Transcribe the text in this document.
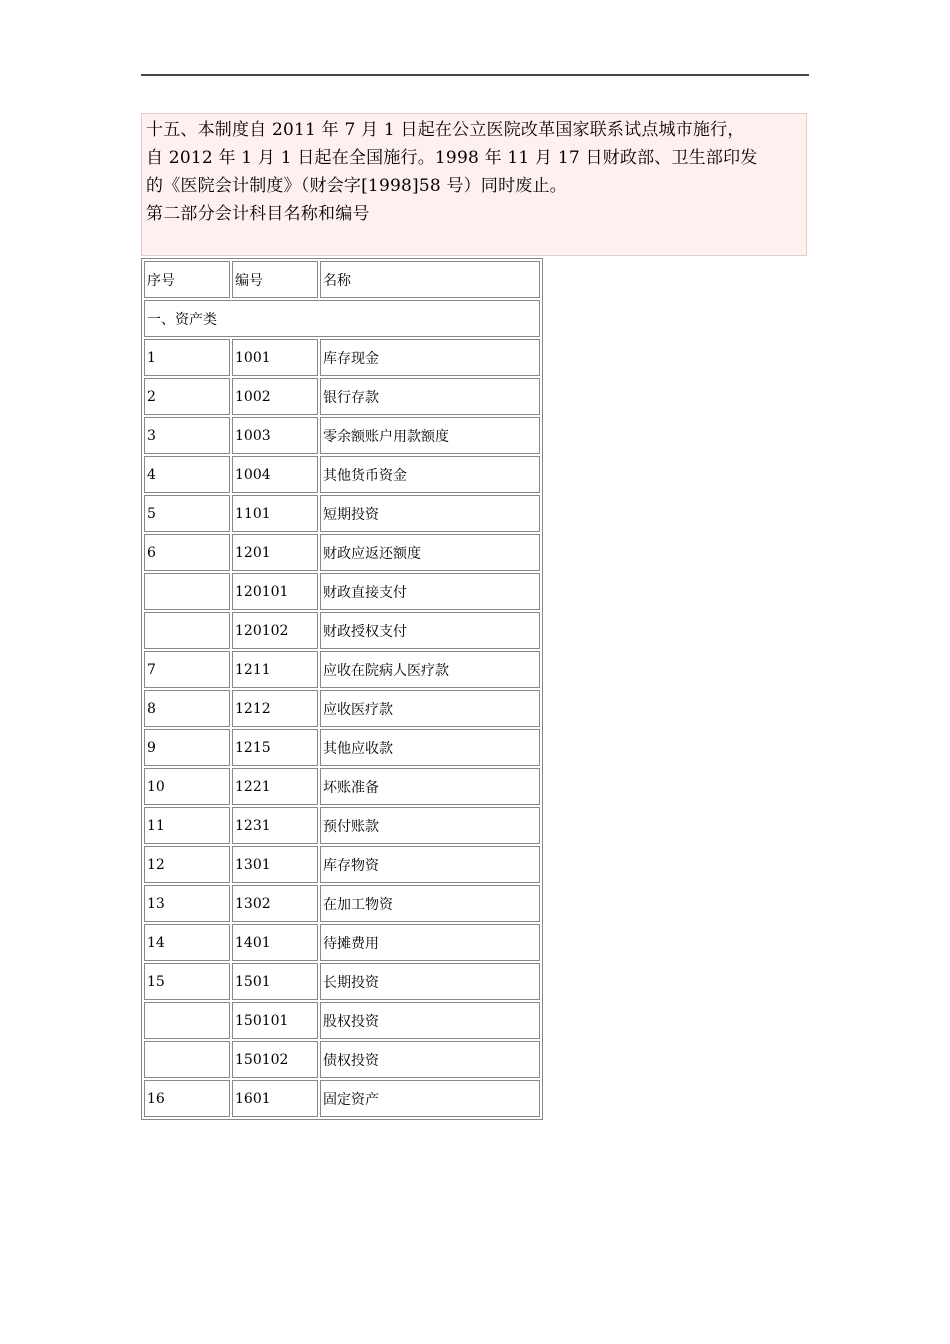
十五、本制度自 2011 年 7 月 1 日起在公立医院改革国家联系试点城市施行，

自 2012 年 1 月 1 日起在全国施行。1998 年 11 月 17 日财政部、卫生部印发

的《医院会计制度》（财会字[1998]58 号）同时废止。

第二部分会计科目名称和编号

序号	编号	名称
一、资产类		
1	1001	库存现金
2	1002	银行存款
3	1003	零余额账户用款额度
4	1004	其他货币资金
5	1101	短期投资
6	1201	财政应返还额度
	120101	财政直接支付
	120102	财政授权支付
7	1211	应收在院病人医疗款
8	1212	应收医疗款
9	1215	其他应收款
10	1221	坏账准备
11	1231	预付账款
12	1301	库存物资
13	1302	在加工物资
14	1401	待摊费用
15	1501	长期投资
	150101	股权投资
	150102	债权投资
16	1601	固定资产
